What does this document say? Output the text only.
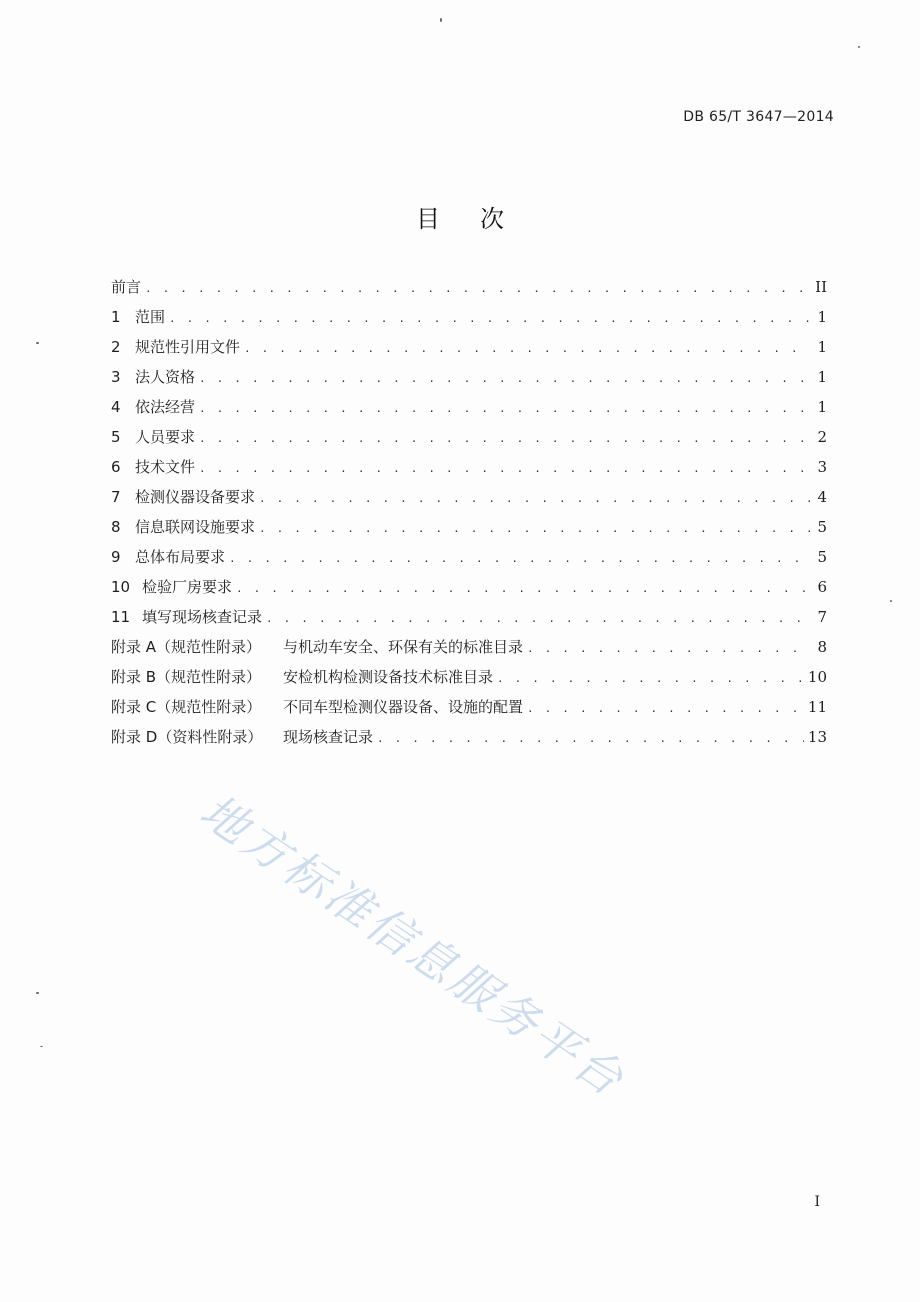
DB 65/T 3647—2014
目 次
前言 . . .	II
1 范围 . . .	1
2 规范性引用文件 . . .	1
3 法人资格 . . .	1
4 依法经营 . . .	1
5 人员要求 . . .	2
6 技术文件 . . .	3
7 检测仪器设备要求 . . .	4
8 信息联网设施要求 . . .	5
9 总体布局要求 . . .	5
10 检验厂房要求 . . .	6
11 填写现场核查记录 . . .	7
附录 A（规范性附录）	与机动车安全、环保有关的标准目录 . . .	8
附录 B（规范性附录）	安检机构检测设备技术标准目录 . . .	10
附录 C（规范性附录）	不同车型检测仪器设备、设施的配置 . . .	11
附录 D（资料性附录）	现场核查记录 . . .	13
地方标准信息服务平台
I
